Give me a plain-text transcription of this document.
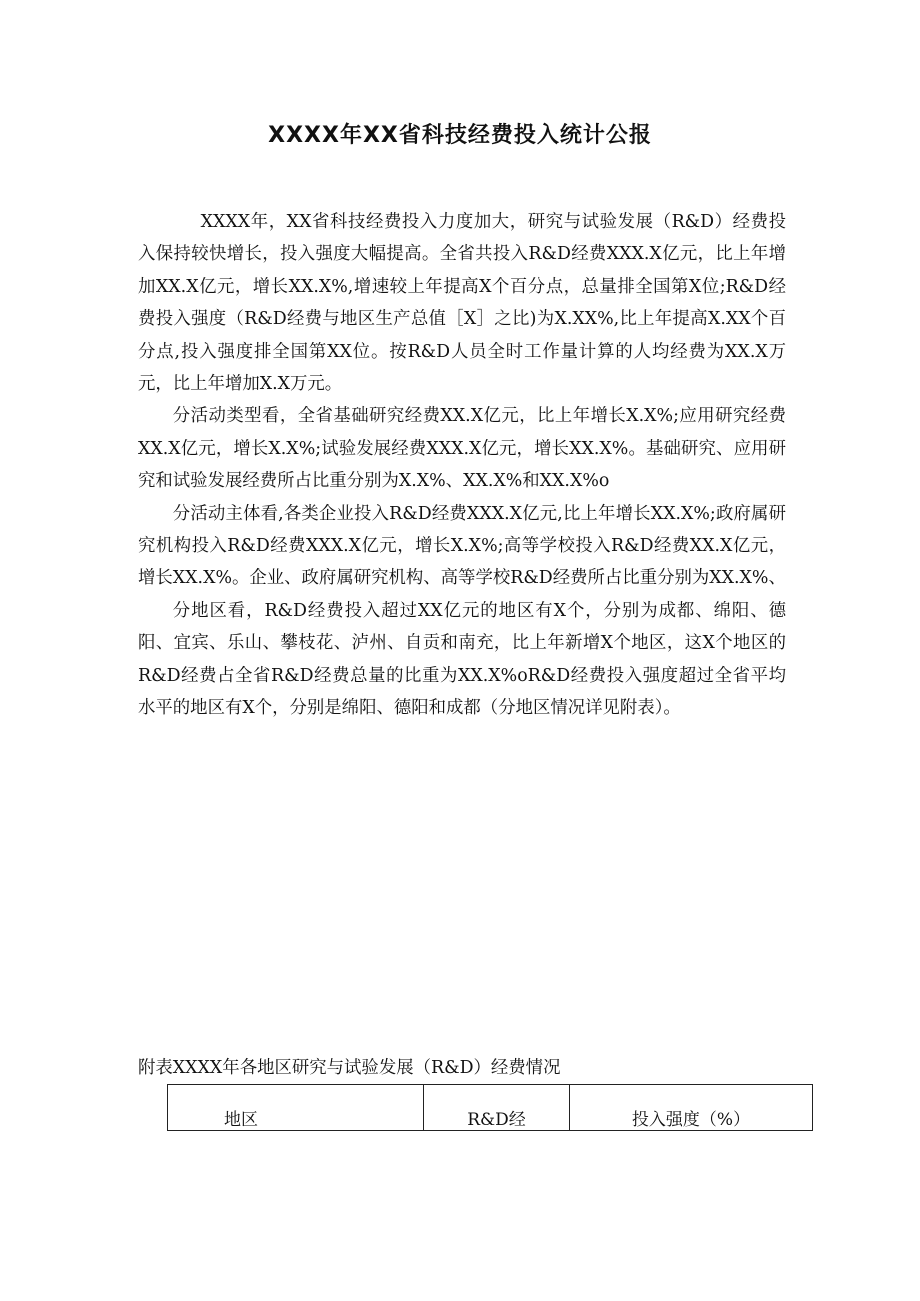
XXXX年XX省科技经费投入统计公报

XXXX年，XX省科技经费投入力度加大，研究与试验发展（R&D）经费投入保持较快增长，投入强度大幅提高。全省共投入R&D经费XXX.X亿元，比上年增加XX.X亿元，增长XX.X%,增速较上年提高X个百分点，总量排全国第X位;R&D经费投入强度（R&D经费与地区生产总值［X］之比)为X.XX%,比上年提高X.XX个百分点,投入强度排全国第XX位。按R&D人员全时工作量计算的人均经费为XX.X万元，比上年增加X.X万元。

分活动类型看，全省基础研究经费XX.X亿元，比上年增长X.X%;应用研究经费XX.X亿元，增长X.X%;试验发展经费XXX.X亿元，增长XX.X%。基础研究、应用研究和试验发展经费所占比重分别为X.X%、XX.X%和XX.X%o

分活动主体看,各类企业投入R&D经费XXX.X亿元,比上年增长XX.X%;政府属研究机构投入R&D经费XXX.X亿元，增长X.X%;高等学校投入R&D经费XX.X亿元，增长XX.X%。企业、政府属研究机构、高等学校R&D经费所占比重分别为XX.X%、

分地区看，R&D经费投入超过XX亿元的地区有X个，分别为成都、绵阳、德阳、宜宾、乐山、攀枝花、泸州、自贡和南充，比上年新增X个地区，这X个地区的R&D经费占全省R&D经费总量的比重为XX.X%oR&D经费投入强度超过全省平均水平的地区有X个，分别是绵阳、德阳和成都（分地区情况详见附表）。

附表XXXX年各地区研究与试验发展（R&D）经费情况

地区	R&D经	投入强度（%）
